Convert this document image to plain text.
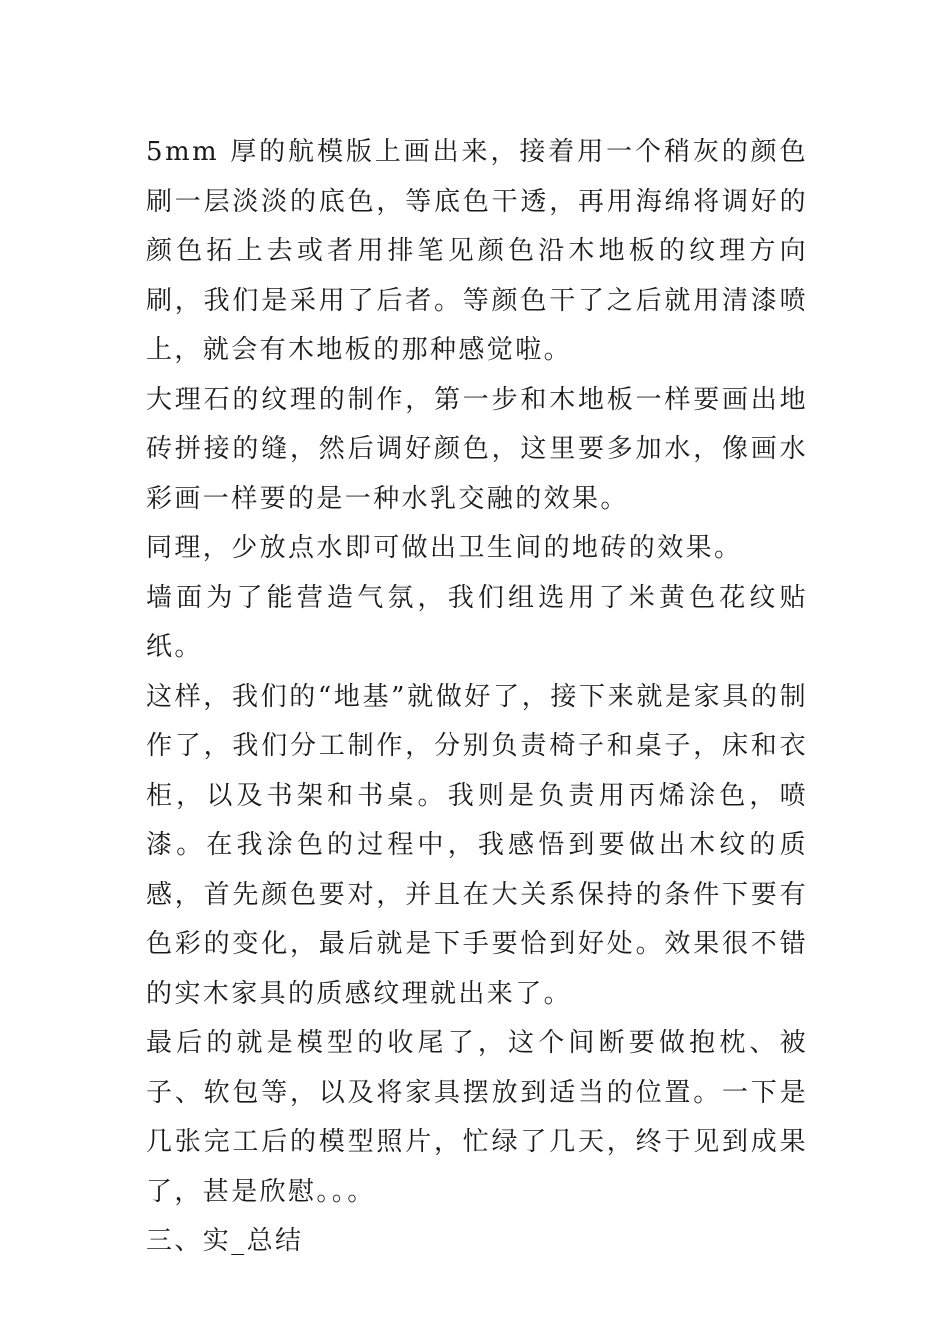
5mm 厚的航模版上画出来，接着用一个稍灰的颜色刷一层淡淡的底色，等底色干透，再用海绵将调好的颜色拓上去或者用排笔见颜色沿木地板的纹理方向刷，我们是采用了后者。等颜色干了之后就用清漆喷上，就会有木地板的那种感觉啦。

大理石的纹理的制作，第一步和木地板一样要画出地砖拼接的缝，然后调好颜色，这里要多加水，像画水彩画一样要的是一种水乳交融的效果。

同理，少放点水即可做出卫生间的地砖的效果。

墙面为了能营造气氛，我们组选用了米黄色花纹贴纸。

这样，我们的“地基”就做好了，接下来就是家具的制作了，我们分工制作，分别负责椅子和桌子，床和衣柜，以及书架和书桌。我则是负责用丙烯涂色，喷漆。在我涂色的过程中，我感悟到要做出木纹的质感，首先颜色要对，并且在大关系保持的条件下要有色彩的变化，最后就是下手要恰到好处。效果很不错的实木家具的质感纹理就出来了。

最后的就是模型的收尾了，这个间断要做抱枕、被子、软包等，以及将家具摆放到适当的位置。一下是几张完工后的模型照片，忙绿了几天，终于见到成果了，甚是欣慰。。。

三、实_总结
